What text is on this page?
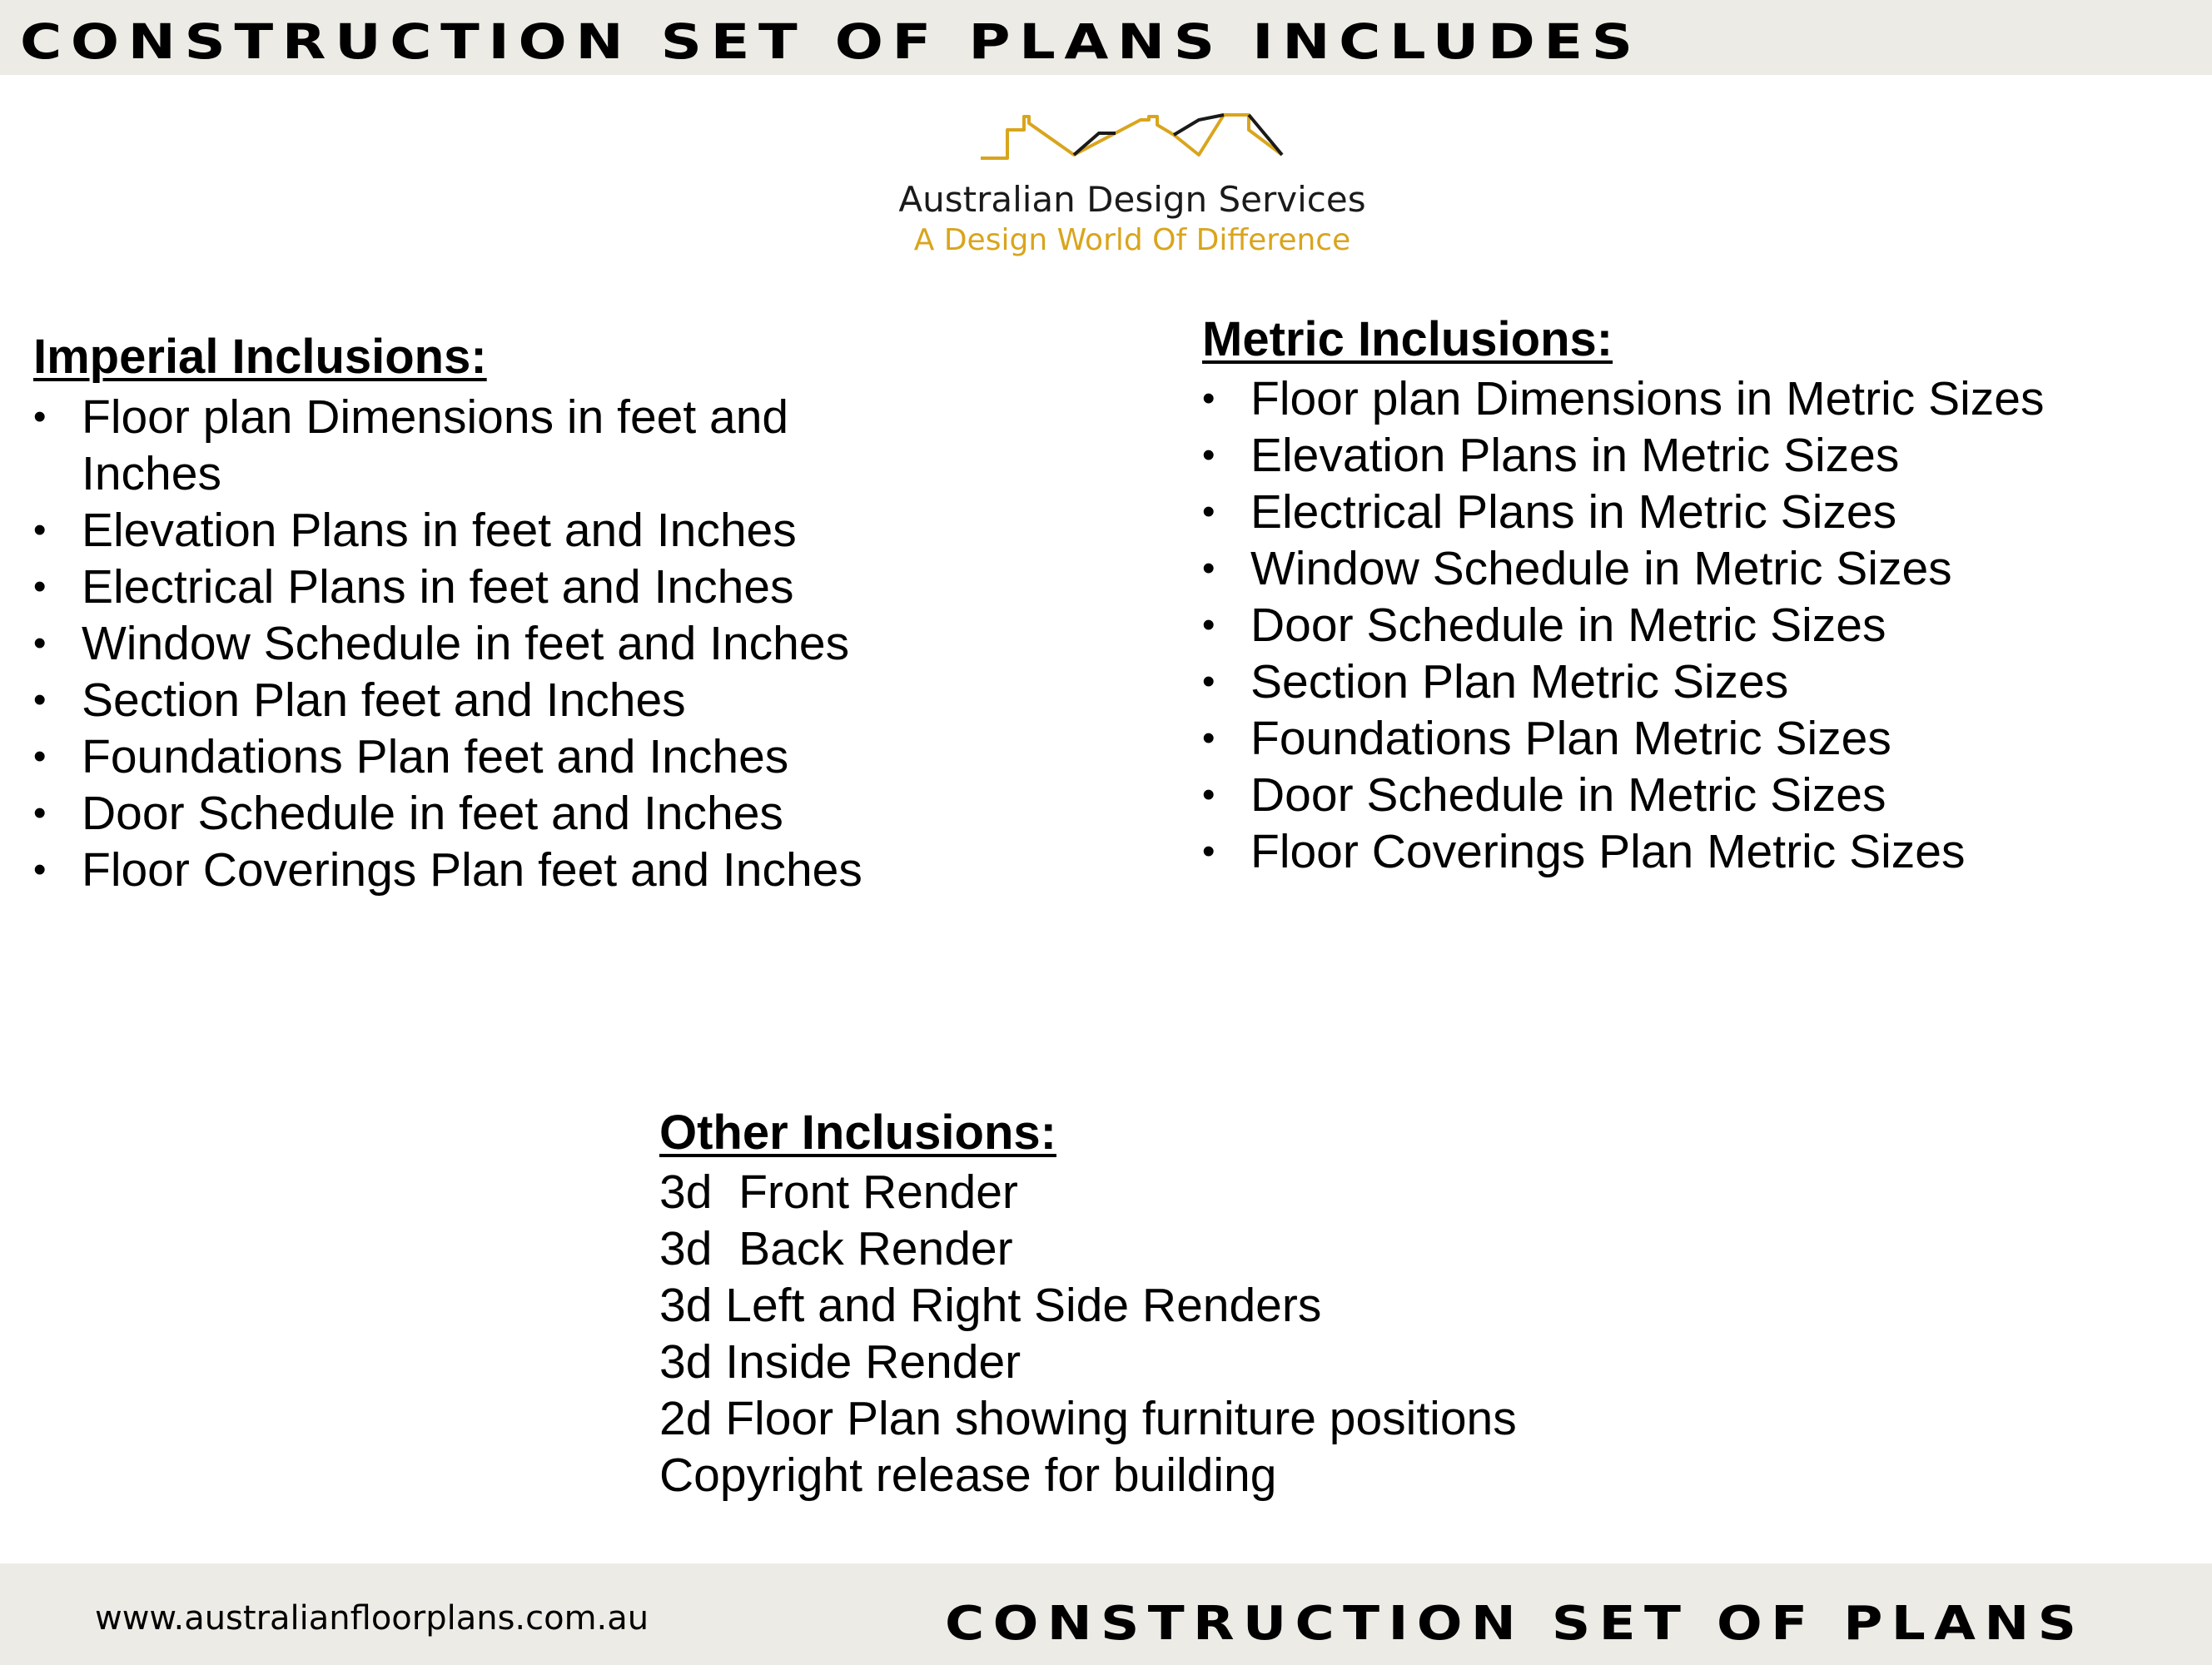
CONSTRUCTION SET OF PLANS INCLUDES
Australian Design Services
A Design World Of Difference
Imperial Inclusions:
• Floor plan Dimensions in feet and Inches
• Elevation Plans in feet and Inches
• Electrical Plans in feet and Inches
• Window Schedule in feet and Inches
• Section Plan feet and Inches
• Foundations Plan feet and Inches
• Door Schedule in feet and Inches
• Floor Coverings Plan feet and Inches
Metric Inclusions:
• Floor plan Dimensions in Metric Sizes
• Elevation Plans in Metric Sizes
• Electrical Plans in Metric Sizes
• Window Schedule in Metric Sizes
• Door Schedule in Metric Sizes
• Section Plan Metric Sizes
• Foundations Plan Metric Sizes
• Door Schedule in Metric Sizes
• Floor Coverings Plan Metric Sizes
Other Inclusions:
3d  Front Render
3d  Back Render
3d Left and Right Side Renders
3d Inside Render
2d Floor Plan showing furniture positions
Copyright release for building
www.australianfloorplans.com.au	CONSTRUCTION SET OF PLANS
